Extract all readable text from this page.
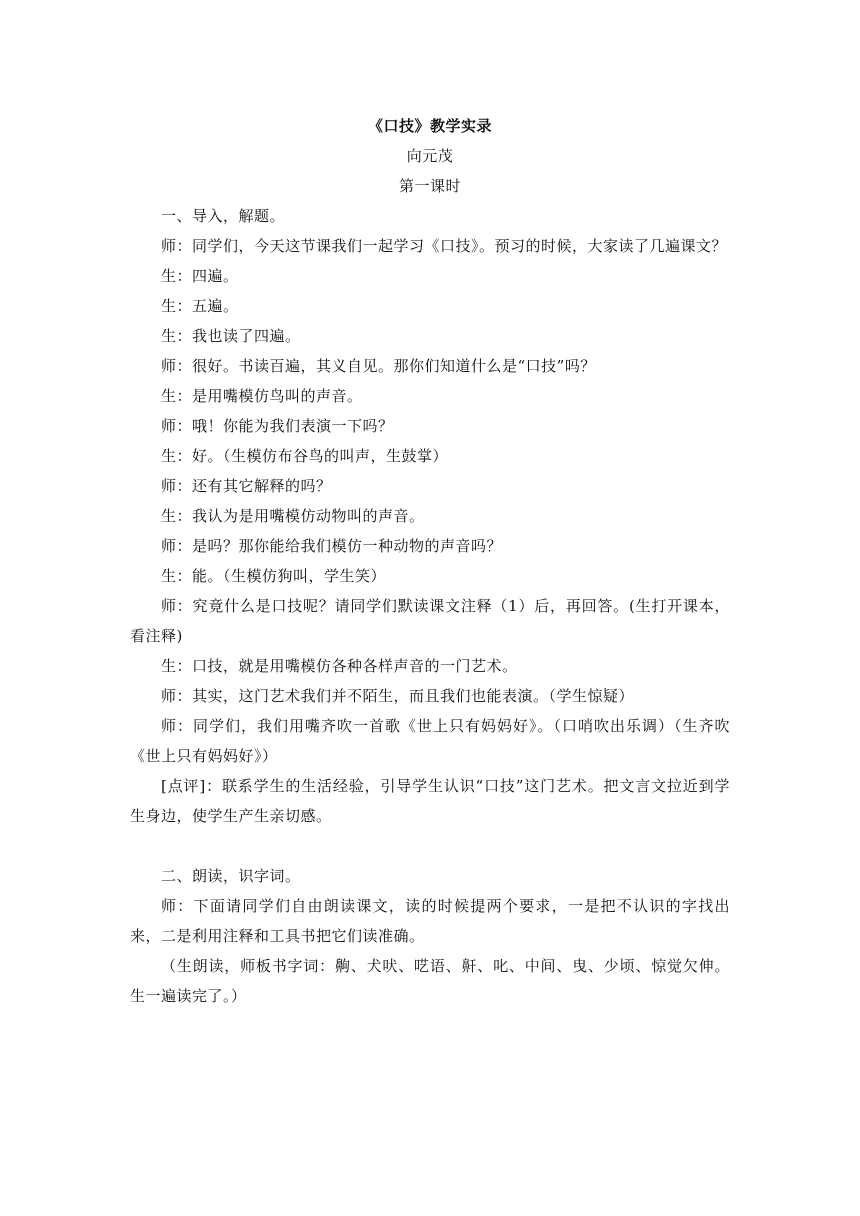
《口技》教学实录

向元茂

第一课时

一、导入，解题。

师：同学们，今天这节课我们一起学习《口技》。预习的时候，大家读了几遍课文？

生：四遍。

生：五遍。

生：我也读了四遍。

师：很好。书读百遍，其义自见。那你们知道什么是“口技”吗？

生：是用嘴模仿鸟叫的声音。

师：哦！你能为我们表演一下吗？

生：好。（生模仿布谷鸟的叫声，生鼓掌）

师：还有其它解释的吗？

生：我认为是用嘴模仿动物叫的声音。

师：是吗？那你能给我们模仿一种动物的声音吗？

生：能。（生模仿狗叫，学生笑）

师：究竟什么是口技呢？请同学们默读课文注释（1）后，再回答。(生打开课本，看注释)

生：口技，就是用嘴模仿各种各样声音的一门艺术。

师：其实，这门艺术我们并不陌生，而且我们也能表演。（学生惊疑）

师：同学们，我们用嘴齐吹一首歌《世上只有妈妈好》。（口哨吹出乐调）（生齐吹《世上只有妈妈好》）

[点评]：联系学生的生活经验，引导学生认识“口技”这门艺术。把文言文拉近到学生身边，使学生产生亲切感。

二、朗读，识字词。

师：下面请同学们自由朗读课文，读的时候提两个要求，一是把不认识的字找出来，二是利用注释和工具书把它们读准确。

（生朗读，师板书字词：齁、犬吠、呓语、鼾、叱、中间、曳、少顷、惊觉欠伸。生一遍读完了。）
